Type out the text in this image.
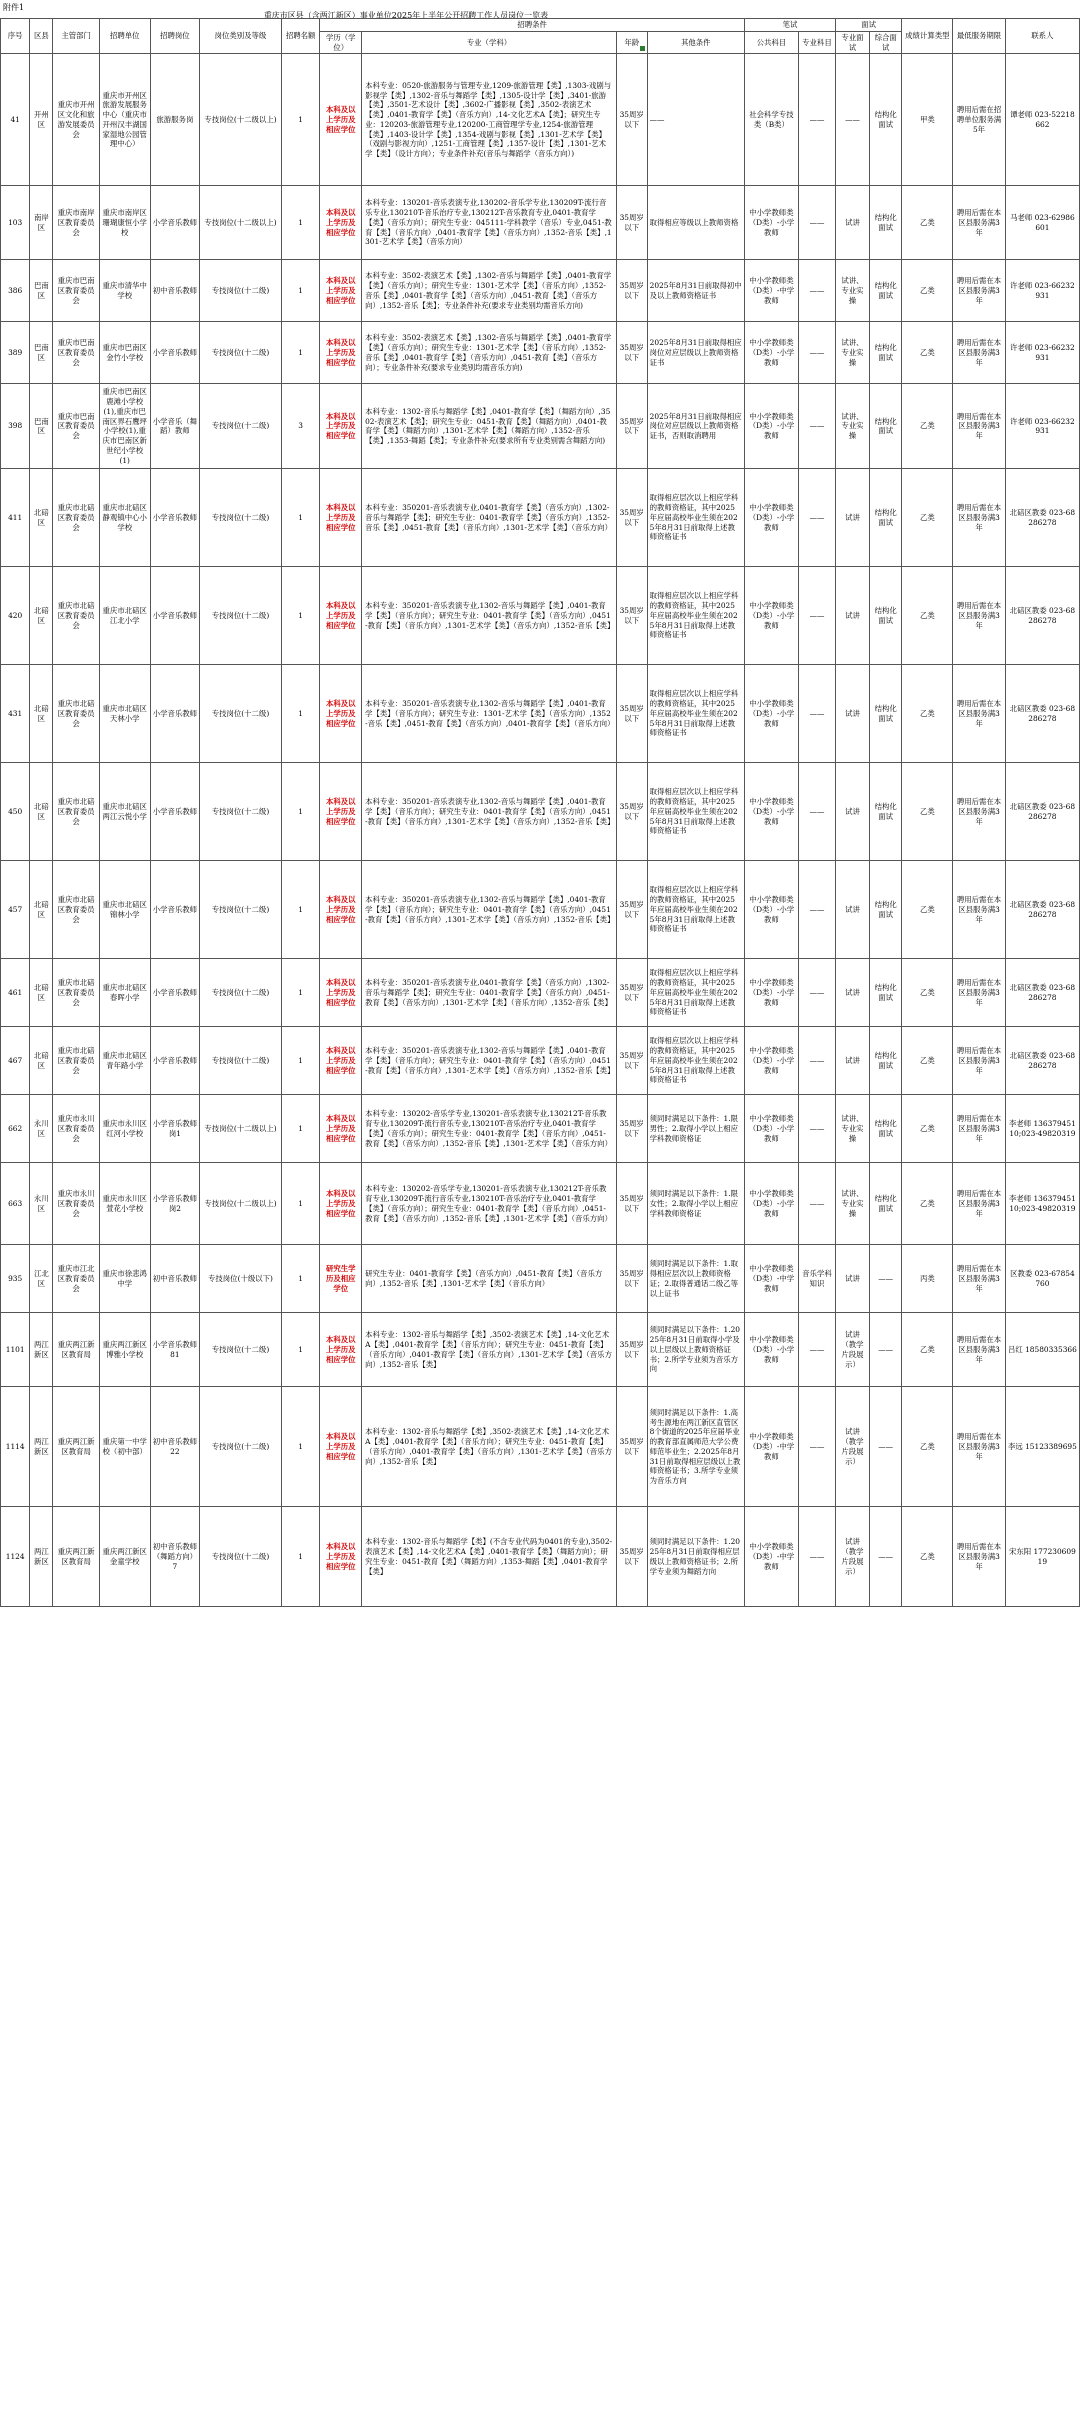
附件1
重庆市区县（含两江新区）事业单位2025年上半年公开招聘工作人员岗位一览表
序号	区县	主管部门	招聘单位	招聘岗位	岗位类别及等级	招聘名额	招聘条件				笔试		面试		成绩计算类型	最低服务期限	联系人
							学历（学位）	专业（学科）	年龄	其他条件	公共科目	专业科目	专业面试	综合面试			
41	开州区	重庆市开州区文化和旅游发展委员会	重庆市开州区旅游发展服务中心（重庆市开州汉丰湖国家湿地公园管理中心）	旅游服务岗	专技岗位(十二级以上)	1	本科及以上学历及相应学位	本科专业：0520-旅游服务与管理专业,1209-旅游管理【类】,1303-戏剧与影视学【类】,1302-音乐与舞蹈学【类】,1305-设计学【类】,3401-旅游【类】,3501-艺术设计【类】,3602-广播影视【类】,3502-表演艺术【类】,0401-教育学【类】（音乐方向）,14-文化艺术A【类】；研究生专业：120203-旅游管理专业,120200-工商管理学专业,1254-旅游管理【类】,1403-设计学【类】,1354-戏剧与影视【类】,1301-艺术学【类】（戏剧与影视方向）,1251-工商管理【类】,1357-设计【类】,1301-艺术学【类】（设计方向）；专业条件补充(音乐与舞蹈学（音乐方向）)	35周岁以下	——	社会科学专技类（B类）	——	——	结构化面试	甲类	聘用后需在招聘单位服务满5年	谭老师 023-52218662
103	南岸区	重庆市南岸区教育委员会	重庆市南岸区珊瑚康恒小学校	小学音乐教师	专技岗位(十二级以上)	1	本科及以上学历及相应学位	本科专业：130201-音乐表演专业,130202-音乐学专业,130209T-流行音乐专业,130210T-音乐治疗专业,130212T-音乐教育专业,0401-教育学【类】（音乐方向）；研究生专业：045111-学科教学（音乐）专业,0451-教育【类】（音乐方向）,0401-教育学【类】（音乐方向）,1352-音乐【类】,1301-艺术学【类】（音乐方向）	35周岁以下	取得相应等级以上教师资格	中小学教师类（D类）-小学教师	——	试讲	结构化面试	乙类	聘用后需在本区县服务满3年	马老师 023-62986601
386	巴南区	重庆市巴南区教育委员会	重庆市清华中学校	初中音乐教师	专技岗位(十二级)	1	本科及以上学历及相应学位	本科专业：3502-表演艺术【类】,1302-音乐与舞蹈学【类】,0401-教育学【类】（音乐方向）；研究生专业：1301-艺术学【类】（音乐方向）,1352-音乐【类】,0401-教育学【类】（音乐方向）,0451-教育【类】（音乐方向）,1352-音乐【类】；专业条件补充(要求专业类别均需音乐方向)	35周岁以下	2025年8月31日前取得初中及以上教师资格证书	中小学教师类（D类）-中学教师	——	试讲、专业实操	结构化面试	乙类	聘用后需在本区县服务满3年	许老师 023-66232931
389	巴南区	重庆市巴南区教育委员会	重庆市巴南区金竹小学校	小学音乐教师	专技岗位(十二级)	1	本科及以上学历及相应学位	本科专业：3502-表演艺术【类】,1302-音乐与舞蹈学【类】,0401-教育学【类】（音乐方向）；研究生专业：1301-艺术学【类】（音乐方向）,1352-音乐【类】,0401-教育学【类】（音乐方向）,0451-教育【类】（音乐方向）；专业条件补充(要求专业类别均需音乐方向)	35周岁以下	2025年8月31日前取得相应岗位对应层级以上教师资格证书	中小学教师类（D类）-小学教师	——	试讲、专业实操	结构化面试	乙类	聘用后需在本区县服务满3年	许老师 023-66232931
398	巴南区	重庆市巴南区教育委员会	重庆市巴南区鹿滩小学校(1),重庆市巴南区界石鹰坪小学校(1),重庆市巴南区新世纪小学校(1)	小学音乐（舞蹈）教师	专技岗位(十二级)	3	本科及以上学历及相应学位	本科专业：1302-音乐与舞蹈学【类】,0401-教育学【类】（舞蹈方向）,3502-表演艺术【类】；研究生专业：0451-教育【类】（舞蹈方向）,0401-教育学【类】（舞蹈方向）,1301-艺术学【类】（舞蹈方向）,1352-音乐【类】,1353-舞蹈【类】；专业条件补充(要求所有专业类别需含舞蹈方向)	35周岁以下	2025年8月31日前取得相应岗位对应层级以上教师资格证书，否则取消聘用	中小学教师类（D类）-小学教师	——	试讲、专业实操	结构化面试	乙类	聘用后需在本区县服务满3年	许老师 023-66232931
411	北碚区	重庆市北碚区教育委员会	重庆市北碚区静观镇中心小学校	小学音乐教师	专技岗位(十二级)	1	本科及以上学历及相应学位	本科专业：350201-音乐表演专业,0401-教育学【类】（音乐方向）,1302-音乐与舞蹈学【类】；研究生专业：0401-教育学【类】（音乐方向）,1352-音乐【类】,0451-教育【类】（音乐方向）,1301-艺术学【类】（音乐方向）	35周岁以下	取得相应层次以上相应学科的教师资格证，其中2025年应届高校毕业生须在2025年8月31日前取得上述教师资格证书	中小学教师类（D类）-小学教师	——	试讲	结构化面试	乙类	聘用后需在本区县服务满3年	北碚区教委 023-68286278
420	北碚区	重庆市北碚区教育委员会	重庆市北碚区江北小学	小学音乐教师	专技岗位(十二级)	1	本科及以上学历及相应学位	本科专业：350201-音乐表演专业,1302-音乐与舞蹈学【类】,0401-教育学【类】（音乐方向）；研究生专业：0401-教育学【类】（音乐方向）,0451-教育【类】（音乐方向）,1301-艺术学【类】（音乐方向）,1352-音乐【类】	35周岁以下	取得相应层次以上相应学科的教师资格证，其中2025年应届高校毕业生须在2025年8月31日前取得上述教师资格证书	中小学教师类（D类）-小学教师	——	试讲	结构化面试	乙类	聘用后需在本区县服务满3年	北碚区教委 023-68286278
431	北碚区	重庆市北碚区教育委员会	重庆市北碚区天林小学	小学音乐教师	专技岗位(十二级)	1	本科及以上学历及相应学位	本科专业：350201-音乐表演专业,1302-音乐与舞蹈学【类】,0401-教育学【类】（音乐方向）；研究生专业：1301-艺术学【类】（音乐方向）,1352-音乐【类】,0451-教育【类】（音乐方向）,0401-教育学【类】（音乐方向）	35周岁以下	取得相应层次以上相应学科的教师资格证，其中2025年应届高校毕业生须在2025年8月31日前取得上述教师资格证书	中小学教师类（D类）-小学教师	——	试讲	结构化面试	乙类	聘用后需在本区县服务满3年	北碚区教委 023-68286278
450	北碚区	重庆市北碚区教育委员会	重庆市北碚区两江云悦小学	小学音乐教师	专技岗位(十二级)	1	本科及以上学历及相应学位	本科专业：350201-音乐表演专业,1302-音乐与舞蹈学【类】,0401-教育学【类】（音乐方向）；研究生专业：0401-教育学【类】（音乐方向）,0451-教育【类】（音乐方向）,1301-艺术学【类】（音乐方向）,1352-音乐【类】	35周岁以下	取得相应层次以上相应学科的教师资格证，其中2025年应届高校毕业生须在2025年8月31日前取得上述教师资格证书	中小学教师类（D类）-小学教师	——	试讲	结构化面试	乙类	聘用后需在本区县服务满3年	北碚区教委 023-68286278
457	北碚区	重庆市北碚区教育委员会	重庆市北碚区锦林小学	小学音乐教师	专技岗位(十二级)	1	本科及以上学历及相应学位	本科专业：350201-音乐表演专业,1302-音乐与舞蹈学【类】,0401-教育学【类】（音乐方向）；研究生专业：0401-教育学【类】（音乐方向）,0451-教育【类】（音乐方向）,1301-艺术学【类】（音乐方向）,1352-音乐【类】	35周岁以下	取得相应层次以上相应学科的教师资格证，其中2025年应届高校毕业生须在2025年8月31日前取得上述教师资格证书	中小学教师类（D类）-小学教师	——	试讲	结构化面试	乙类	聘用后需在本区县服务满3年	北碚区教委 023-68286278
461	北碚区	重庆市北碚区教育委员会	重庆市北碚区春晖小学	小学音乐教师	专技岗位(十二级)	1	本科及以上学历及相应学位	本科专业：350201-音乐表演专业,0401-教育学【类】（音乐方向）,1302-音乐与舞蹈学【类】；研究生专业：0401-教育学【类】（音乐方向）,0451-教育【类】（音乐方向）,1301-艺术学【类】（音乐方向）,1352-音乐【类】	35周岁以下	取得相应层次以上相应学科的教师资格证，其中2025年应届高校毕业生须在2025年8月31日前取得上述教师资格证书	中小学教师类（D类）-小学教师	——	试讲	结构化面试	乙类	聘用后需在本区县服务满3年	北碚区教委 023-68286278
467	北碚区	重庆市北碚区教育委员会	重庆市北碚区青年路小学	小学音乐教师	专技岗位(十二级)	1	本科及以上学历及相应学位	本科专业：350201-音乐表演专业,1302-音乐与舞蹈学【类】,0401-教育学【类】（音乐方向）；研究生专业：0401-教育学【类】（音乐方向）,0451-教育【类】（音乐方向）,1301-艺术学【类】（音乐方向）,1352-音乐【类】	35周岁以下	取得相应层次以上相应学科的教师资格证，其中2025年应届高校毕业生须在2025年8月31日前取得上述教师资格证书	中小学教师类（D类）-小学教师	——	试讲	结构化面试	乙类	聘用后需在本区县服务满3年	北碚区教委 023-68286278
662	永川区	重庆市永川区教育委员会	重庆市永川区红河小学校	小学音乐教师岗1	专技岗位(十二级以上)	1	本科及以上学历及相应学位	本科专业：130202-音乐学专业,130201-音乐表演专业,130212T-音乐教育专业,130209T-流行音乐专业,130210T-音乐治疗专业,0401-教育学【类】（音乐方向）；研究生专业：0401-教育学【类】（音乐方向）,0451-教育【类】（音乐方向）,1352-音乐【类】,1301-艺术学【类】（音乐方向）	35周岁以下	须同时满足以下条件：1.限男性；2.取得小学以上相应学科教师资格证	中小学教师类（D类）-小学教师	——	试讲、专业实操	结构化面试	乙类	聘用后需在本区县服务满3年	李老师 13637945110;023-49820319
663	永川区	重庆市永川区教育委员会	重庆市永川区萱花小学校	小学音乐教师岗2	专技岗位(十二级以上)	1	本科及以上学历及相应学位	本科专业：130202-音乐学专业,130201-音乐表演专业,130212T-音乐教育专业,130209T-流行音乐专业,130210T-音乐治疗专业,0401-教育学【类】（音乐方向）；研究生专业：0401-教育学【类】（音乐方向）,0451-教育【类】（音乐方向）,1352-音乐【类】,1301-艺术学【类】（音乐方向）	35周岁以下	须同时满足以下条件：1.限女性；2.取得小学以上相应学科教师资格证	中小学教师类（D类）-小学教师	——	试讲、专业实操	结构化面试	乙类	聘用后需在本区县服务满3年	李老师 13637945110;023-49820319
935	江北区	重庆市江北区教育委员会	重庆市徐悲鸿中学	初中音乐教师	专技岗位(十级以下)	1	研究生学历及相应学位	研究生专业：0401-教育学【类】（音乐方向）,0451-教育【类】（音乐方向）,1352-音乐【类】,1301-艺术学【类】（音乐方向）	35周岁以下	须同时满足以下条件：1.取得相应层次以上教师资格证；2.取得普通话二级乙等以上证书	中小学教师类（D类）-中学教师	音乐学科知识	试讲	——	丙类	聘用后需在本区县服务满3年	区教委 023-67854760
1101	两江新区	重庆两江新区教育局	重庆两江新区博雅小学校	小学音乐教师81	专技岗位(十二级)	1	本科及以上学历及相应学位	本科专业：1302-音乐与舞蹈学【类】,3502-表演艺术【类】,14-文化艺术A【类】,0401-教育学【类】（音乐方向）；研究生专业：0451-教育【类】（音乐方向）,0401-教育学【类】（音乐方向）,1301-艺术学【类】（音乐方向）,1352-音乐【类】	35周岁以下	须同时满足以下条件：1.2025年8月31日前取得小学及以上层级以上教师资格证书；2.所学专业须为音乐方向	中小学教师类（D类）-小学教师	——	试讲（教学片段展示）	——	乙类	聘用后需在本区县服务满3年	吕红 18580335366
1114	两江新区	重庆两江新区教育局	重庆第一中学校（初中部）	初中音乐教师22	专技岗位(十二级)	1	本科及以上学历及相应学位	本科专业：1302-音乐与舞蹈学【类】,3502-表演艺术【类】,14-文化艺术A【类】,0401-教育学【类】（音乐方向）；研究生专业：0451-教育【类】（音乐方向）,0401-教育学【类】（音乐方向）,1301-艺术学【类】（音乐方向）,1352-音乐【类】	35周岁以下	须同时满足以下条件：1.高考生源地在两江新区直管区8个街道的2025年应届毕业的教育部直属师范大学公费师范毕业生；2.2025年8月31日前取得相应层级以上教师资格证书；3.所学专业须为音乐方向	中小学教师类（D类）-中学教师	——	试讲（教学片段展示）	——	乙类	聘用后需在本区县服务满3年	李远 15123389695
1124	两江新区	重庆两江新区教育局	重庆两江新区金童学校	初中音乐教师（舞蹈方向）7	专技岗位(十二级)	1	本科及以上学历及相应学位	本科专业：1302-音乐与舞蹈学【类】(不含专业代码为0401的专业),3502-表演艺术【类】,14-文化艺术A【类】,0401-教育学【类】（舞蹈方向）；研究生专业：0451-教育【类】（舞蹈方向）,1353-舞蹈【类】,0401-教育学【类】	35周岁以下	须同时满足以下条件：1.2025年8月31日前取得相应层级以上教师资格证书；2.所学专业须为舞蹈方向	中小学教师类（D类）-中学教师	——	试讲（教学片段展示）	——	乙类	聘用后需在本区县服务满3年	宋东阳 17723060919
